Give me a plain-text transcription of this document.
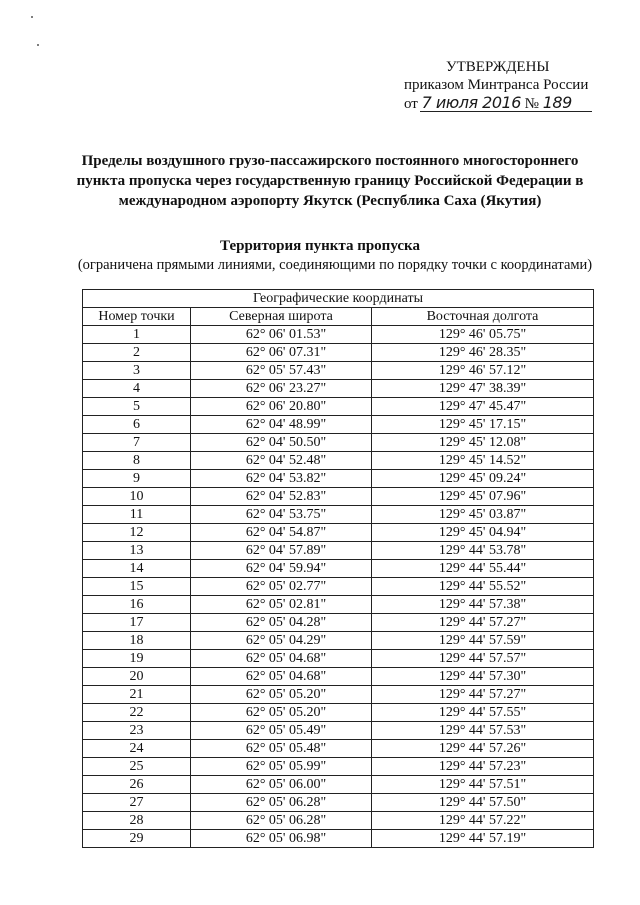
УТВЕРЖДЕНЫ
приказом Минтранса России
от 7 июля 2016 № 189
Пределы воздушного грузо-пассажирского постоянного многостороннего пункта пропуска через государственную границу Российской Федерации в международном аэропорту Якутск (Республика Саха (Якутия)
Территория пункта пропуска
(ограничена прямыми линиями, соединяющими по порядку точки с координатами)
Географические координаты		
Номер точки	Северная широта	Восточная долгота
1	62° 06' 01.53"	129° 46' 05.75"
2	62° 06' 07.31"	129° 46' 28.35"
3	62° 05' 57.43"	129° 46' 57.12"
4	62° 06' 23.27"	129° 47' 38.39"
5	62° 06' 20.80"	129° 47' 45.47"
6	62° 04' 48.99"	129° 45' 17.15"
7	62° 04' 50.50"	129° 45' 12.08"
8	62° 04' 52.48"	129° 45' 14.52"
9	62° 04' 53.82"	129° 45' 09.24"
10	62° 04' 52.83"	129° 45' 07.96"
11	62° 04' 53.75"	129° 45' 03.87"
12	62° 04' 54.87"	129° 45' 04.94"
13	62° 04' 57.89"	129° 44' 53.78"
14	62° 04' 59.94"	129° 44' 55.44"
15	62° 05' 02.77"	129° 44' 55.52"
16	62° 05' 02.81"	129° 44' 57.38"
17	62° 05' 04.28"	129° 44' 57.27"
18	62° 05' 04.29"	129° 44' 57.59"
19	62° 05' 04.68"	129° 44' 57.57"
20	62° 05' 04.68"	129° 44' 57.30"
21	62° 05' 05.20"	129° 44' 57.27"
22	62° 05' 05.20"	129° 44' 57.55"
23	62° 05' 05.49"	129° 44' 57.53"
24	62° 05' 05.48"	129° 44' 57.26"
25	62° 05' 05.99"	129° 44' 57.23"
26	62° 05' 06.00"	129° 44' 57.51"
27	62° 05' 06.28"	129° 44' 57.50"
28	62° 05' 06.28"	129° 44' 57.22"
29	62° 05' 06.98"	129° 44' 57.19"
